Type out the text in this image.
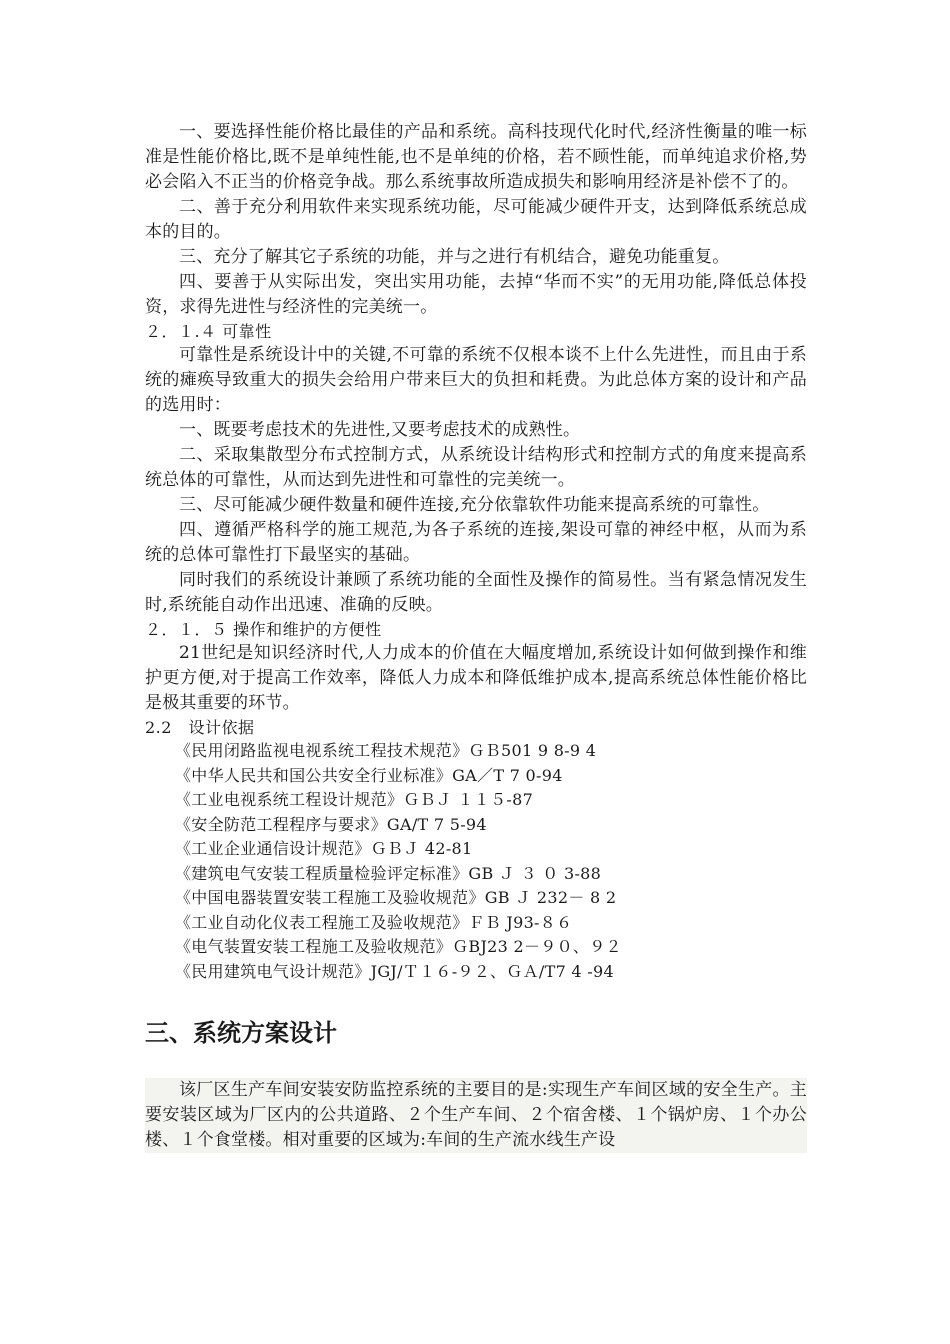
一、要选择性能价格比最佳的产品和系统。高科技现代化时代,经济性衡量的唯一标准是性能价格比,既不是单纯性能,也不是单纯的价格，若不顾性能，而单纯追求价格,势必会陷入不正当的价格竞争战。那么系统事故所造成损失和影响用经济是补偿不了的。

二、善于充分利用软件来实现系统功能，尽可能减少硬件开支，达到降低系统总成本的目的。

三、充分了解其它子系统的功能，并与之进行有机结合，避免功能重复。

四、要善于从实际出发，突出实用功能，去掉“华而不实”的无用功能,降低总体投资，求得先进性与经济性的完美统一。

２．１.４ 可靠性

可靠性是系统设计中的关键,不可靠的系统不仅根本谈不上什么先进性，而且由于系统的瘫痪导致重大的损失会给用户带来巨大的负担和耗费。为此总体方案的设计和产品的选用时：

一、既要考虑技术的先进性,又要考虑技术的成熟性。

二、采取集散型分布式控制方式，从系统设计结构形式和控制方式的角度来提高系统总体的可靠性，从而达到先进性和可靠性的完美统一。

三、尽可能减少硬件数量和硬件连接,充分依靠软件功能来提高系统的可靠性。

四、遵循严格科学的施工规范,为各子系统的连接,架设可靠的神经中枢，从而为系统的总体可靠性打下最坚实的基础。

同时我们的系统设计兼顾了系统功能的全面性及操作的简易性。当有紧急情况发生时,系统能自动作出迅速、准确的反映。

２．１．５ 操作和维护的方便性

21世纪是知识经济时代,人力成本的价值在大幅度增加,系统设计如何做到操作和维护更方便,对于提高工作效率，降低人力成本和降低维护成本,提高系统总体性能价格比是极其重要的环节。

2.2　设计依据

《民用闭路监视电视系统工程技术规范》ＧＢ501 9 8-9 4
《中华人民共和国公共安全行业标准》GA／T 7 0-94
《工业电视系统工程设计规范》ＧＢＪ １１５-87
《安全防范工程程序与要求》GA/T 7 5-94
《工业企业通信设计规范》ＧＢＪ 42-81
《建筑电气安装工程质量检验评定标准》GB Ｊ ３ ０ 3-88
《中国电器装置安装工程施工及验收规范》GB Ｊ 232－ 8 2
《工业自动化仪表工程施工及验收规范》ＦＢ J93-８６
《电气装置安装工程施工及验收规范》ＧBJ23 2－９０、９２
《民用建筑电气设计规范》JGJ/Ｔ１６-９２、ＧＡ/T7 4 -94
三、系统方案设计

该厂区生产车间安装安防监控系统的主要目的是:实现生产车间区域的安全生产。主要安装区域为厂区内的公共道路、２个生产车间、２个宿舍楼、１个锅炉房、１个办公楼、１个食堂楼。相对重要的区域为:车间的生产流水线生产设
